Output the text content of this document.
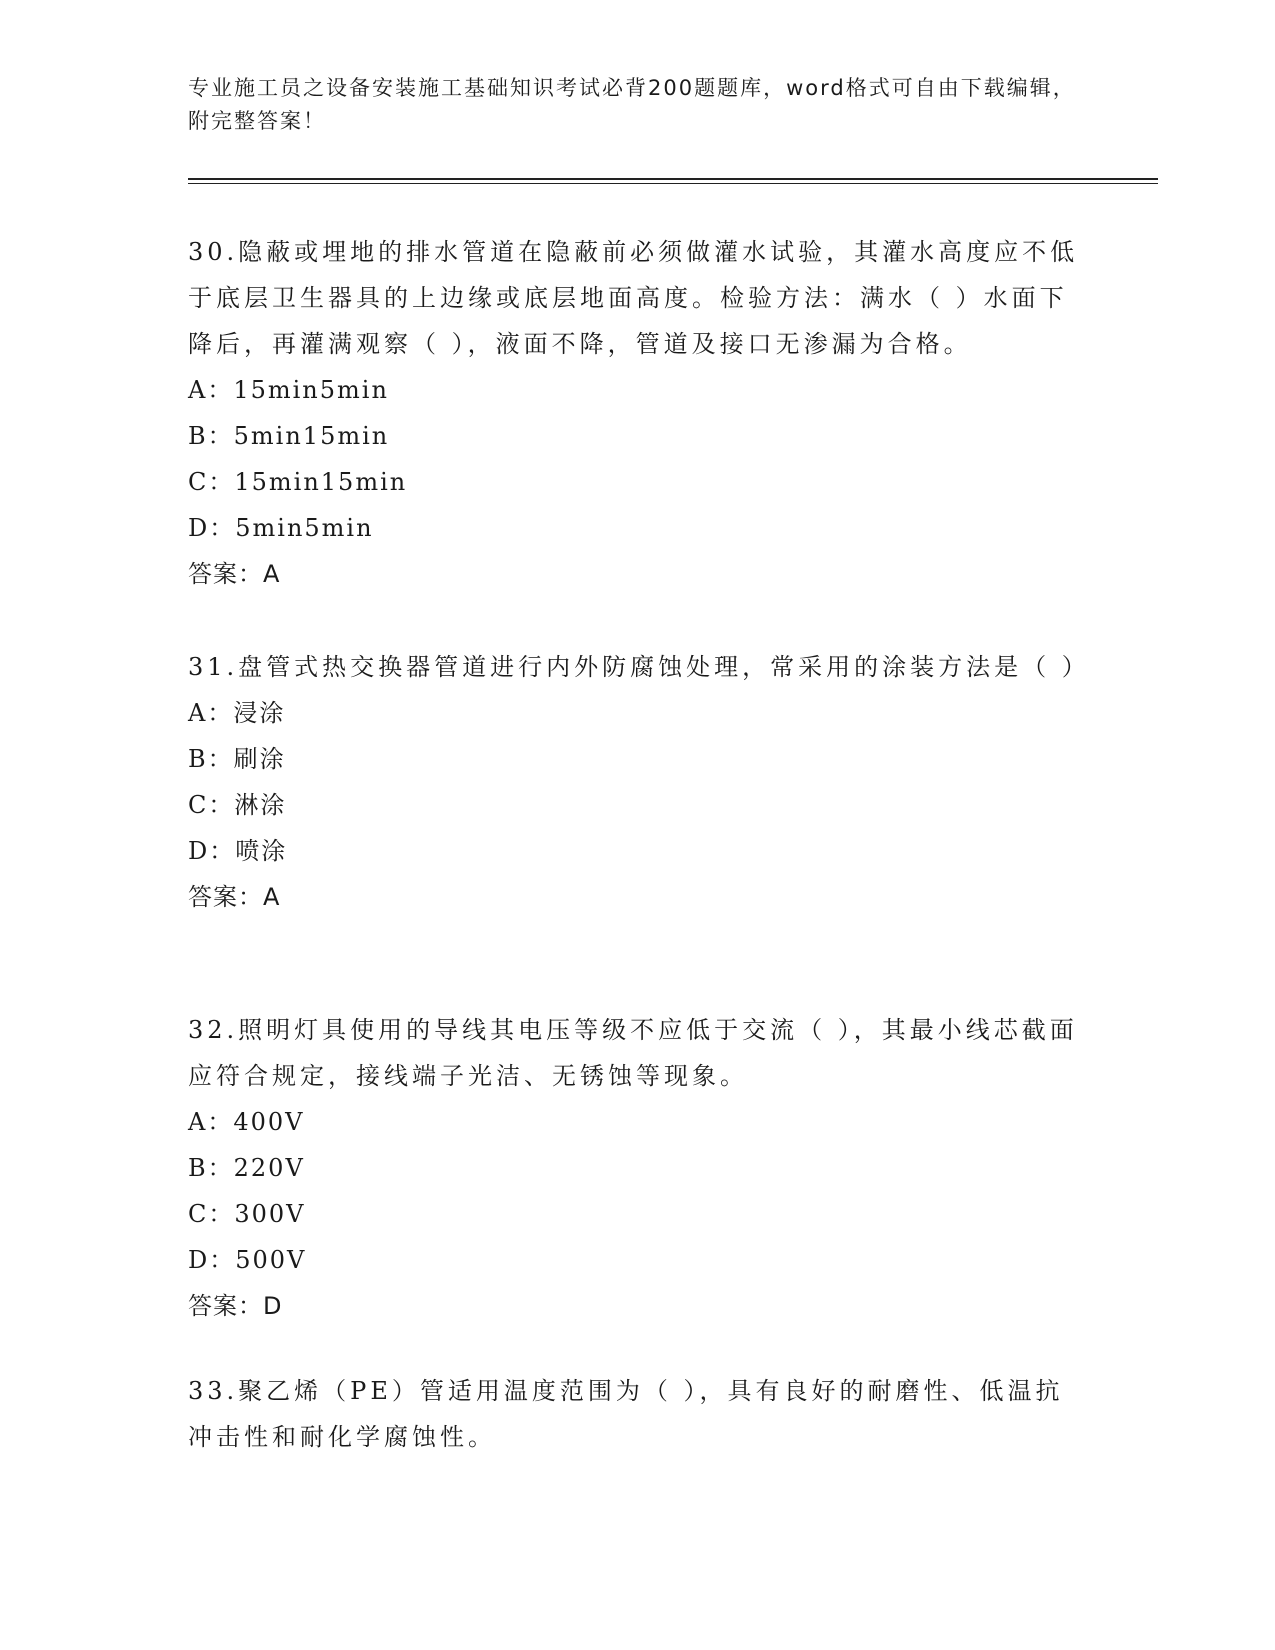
专业施工员之设备安装施工基础知识考试必背200题题库，word格式可自由下载编辑，附完整答案！
30.隐蔽或埋地的排水管道在隐蔽前必须做灌水试验，其灌水高度应不低于底层卫生器具的上边缘或底层地面高度。检验方法：满水（ ）水面下降后，再灌满观察（ ），液面不降，管道及接口无渗漏为合格。
A：15min5min
B：5min15min
C：15min15min
D：5min5min
答案：A
31.盘管式热交换器管道进行内外防腐蚀处理，常采用的涂装方法是（ ）
A：浸涂
B：刷涂
C：淋涂
D：喷涂
答案：A
32.照明灯具使用的导线其电压等级不应低于交流（ ），其最小线芯截面应符合规定，接线端子光洁、无锈蚀等现象。
A：400V
B：220V
C：300V
D：500V
答案：D
33.聚乙烯（PE）管适用温度范围为（ ），具有良好的耐磨性、低温抗冲击性和耐化学腐蚀性。
